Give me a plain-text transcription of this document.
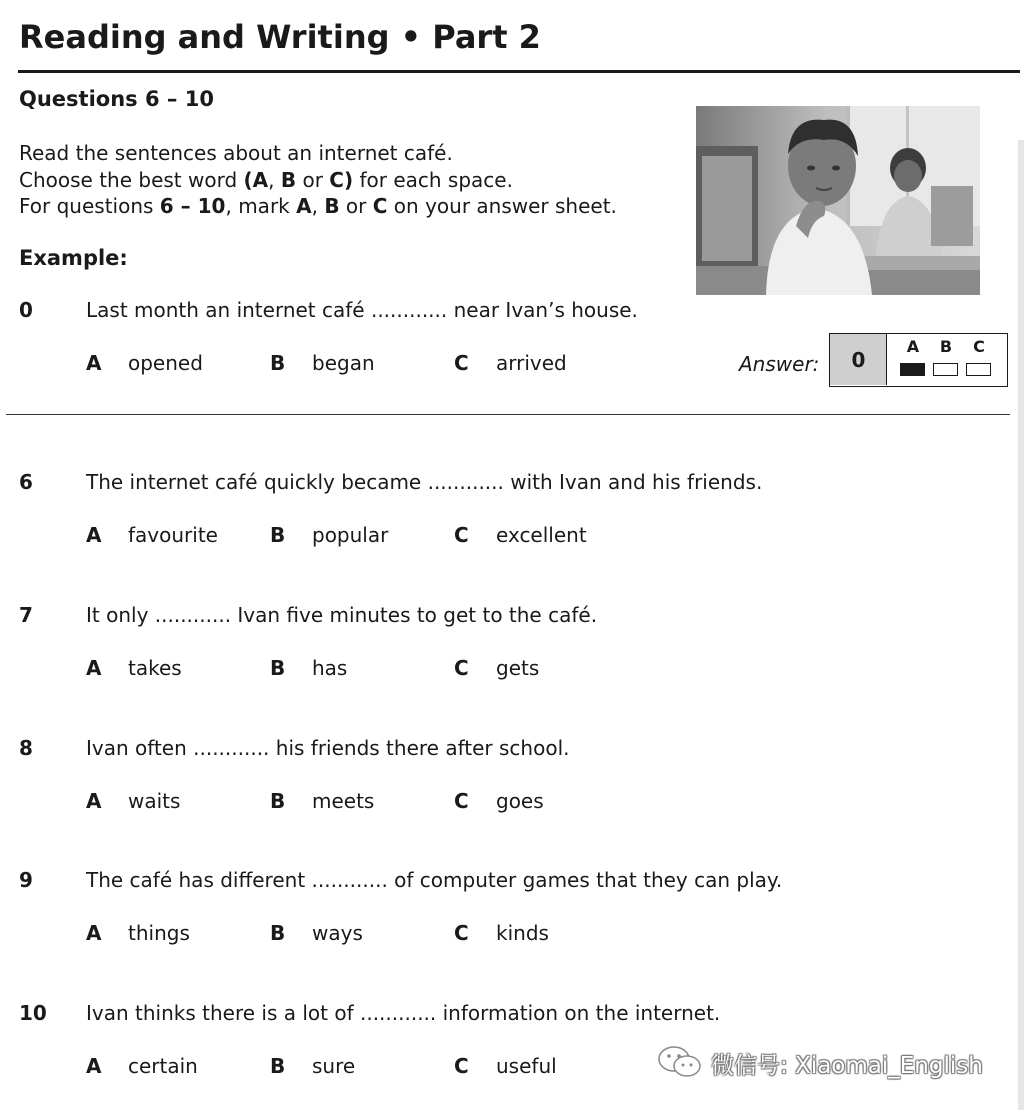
Reading and Writing • Part 2
Questions 6 – 10
Read the sentences about an internet café.
Choose the best word (A, B or C) for each space.
For questions 6 – 10, mark A, B or C on your answer sheet.
Example:
0	Last month an internet café ............ near Ivan’s house.
A opened	B began	C arrived	Answer:	0
A	B	C
6	The internet café quickly became ............ with Ivan and his friends.
A favourite	B popular	C excellent
7	It only ............ Ivan five minutes to get to the café.
A takes	B has	C gets
8	Ivan often ............ his friends there after school.
A waits	B meets	C goes
9	The café has different ............ of computer games that they can play.
A things	B ways	C kinds
10 Ivan thinks there is a lot of ............ information on the internet.
A certain	B sure	C useful	微信号: Xiaomai_English
